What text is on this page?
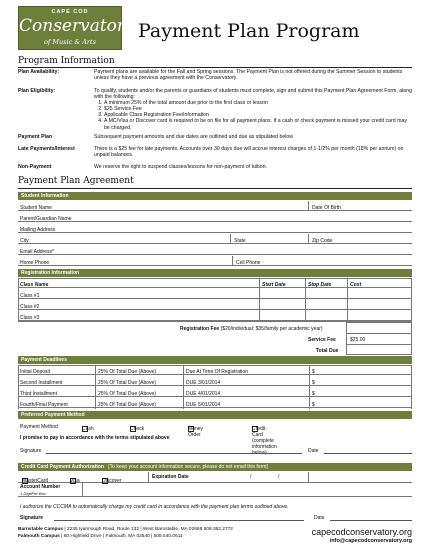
CAPE COD
Conservatory
of Music & Arts	Payment Plan Program
Program Information
Plan Availability:	Payment plans are available for the Fall and Spring sessions. The Payment Plan is not offered during the Summer Session to students unless they have a previous agreement with the Conservatory.
Plan Eligibility:	To qualify, students and/or the parents or guardians of students must complete, sign and submit this Payment Plan Agreement Form, along with the following:
1. A minimum 25% of the total amount due prior to the first class or lesson
2. $25 Service Fee
3. Applicable Class Registration Fee/information
4. A MC/Visa or Discover card is required to be on file for all payment plans. If a cash or check payment is missed your credit card may be charged.
Payment Plan	Subsequent payment amounts and due dates are outlined and due as stipulated below
Late Payments/Interest	There is a $25 fee for late payments. Accounts over 30 days due will accrue interest charges of 1-1/2% per month (18% per annum) on unpaid balances.
Non-Payment	We reserve the right to suspend classes/lessons for non-payment of tuition.
Payment Plan Agreement
Student Information
Student Name	Date Of Birth
Parent/Guardian Name
Mailing Address
City	State	Zip Code
Email Address*
Home Phone	Cell Phone
Registration Information
Class Name	Start Date	Stop Date	Cost
Class #1
Class #2
Class #3
Registration Fee ($20/individual; $35/family per academic year)
Service Fee	$25.00
Total Due
Payment Deadlines
Initial Deposit	25% Of Total Due (Above)	Due At Time Of Registration	$
Second Installment	25% Of Total Due (Above)	DUE 3/01/2014	$
Third Installment	25% Of Total Due (Above)	DUE 4/01/2014	$
Fourth/Final Payment	25% Of Total Due (Above)	DUE 5/01/2014	$
Preferred Payment Method
Payment Method	Cash	Check	Money Order
Credit Card (complete information below)
I promise to pay in accordance with the terms stipulated above
Signature	Date
Credit Card Payment Authorization [To keep your account information secure, please do not email this form]
MasterCard	Visa	Discover
Expiration Date	/	/
Account Number
1-DigitPer Box
I authorize the CCCMA to automatically charge my credit card in accordance with the payment plan terms outlined above.
Signature	Date
Barnstable Campus | 2235 Iyannough Road, Route 132 | West Barnstable, MA 02668 508.362.2772
Falmouth Campus | 60 Highfield Drive | Falmouth, MA 02540 | 508.540.0611	capecodconservatory.org
info@capecodconservatory.org
